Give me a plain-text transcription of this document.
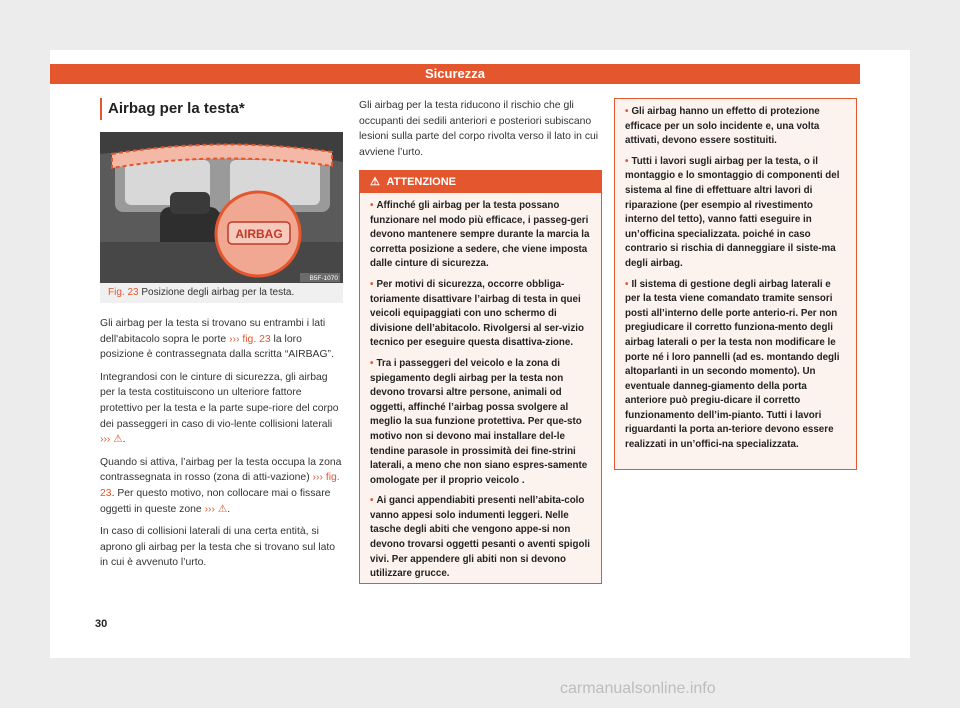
Sicurezza
Airbag per la testa*
AIRBAG
B5F-1070
Fig. 23 Posizione degli airbag per la testa.

Gli airbag per la testa si trovano su entrambi i lati dell'abitacolo sopra le porte ››› fig. 23 la loro posizione è contrassegnata dalla scritta “AIRBAG”.

Integrandosi con le cinture di sicurezza, gli airbag per la testa costituiscono un ulteriore fattore protettivo per la testa e la parte supe-riore del corpo dei passeggeri in caso di vio-lente collisioni laterali ››› ⚠.

Quando si attiva, l’airbag per la testa occupa la zona contrassegnata in rosso (zona di atti-vazione) ››› fig. 23. Per questo motivo, non collocare mai o fissare oggetti in queste zone ››› ⚠.

In caso di collisioni laterali di una certa entità, si aprono gli airbag per la testa che si trovano sul lato in cui è avvenuto l’urto.

Gli airbag per la testa riducono il rischio che gli occupanti dei sedili anteriori e posteriori subiscano lesioni sulla parte del corpo rivolta verso il lato in cui avviene l’urto.

⚠ ATTENZIONE
• Affinché gli airbag per la testa possano funzionare nel modo più efficace, i passeg-geri devono mantenere sempre durante la marcia la corretta posizione a sedere, che viene imposta dalle cinture di sicurezza.
• Per motivi di sicurezza, occorre obbliga-toriamente disattivare l’airbag di testa in quei veicoli equipaggiati con uno schermo di divisione dell’abitacolo. Rivolgersi al ser-vizio tecnico per eseguire questa disattiva-zione.
• Tra i passeggeri del veicolo e la zona di spiegamento degli airbag per la testa non devono trovarsi altre persone, animali od oggetti, affinché l’airbag possa svolgere al meglio la sua funzione protettiva. Per que-sto motivo non si devono mai installare del-le tendine parasole in prossimità dei fine-strini laterali, a meno che non siano espres-samente omologate per il proprio veicolo .
• Ai ganci appendiabiti presenti nell’abita-colo vanno appesi solo indumenti leggeri. Nelle tasche degli abiti che vengono appe-si non devono trovarsi oggetti pesanti o aventi spigoli vivi. Per appendere gli abiti non si devono utilizzare grucce.
• Gli airbag hanno un effetto di protezione efficace per un solo incidente e, una volta attivati, devono essere sostituiti.
• Tutti i lavori sugli airbag per la testa, o il montaggio e lo smontaggio di componenti del sistema al fine di effettuare altri lavori di riparazione (per esempio al rivestimento interno del tetto), vanno fatti eseguire in un’officina specializzata. poiché in caso contrario si rischia di danneggiare il siste-ma degli airbag.
• Il sistema di gestione degli airbag laterali e per la testa viene comandato tramite sensori posti all’interno delle porte anterio-ri. Per non pregiudicare il corretto funziona-mento degli airbag laterali o per la testa non modificare le porte né i loro pannelli (ad es. montando degli altoparlanti in un secondo momento). Un eventuale danneg-giamento della porta anteriore può pregiu-dicare il corretto funzionamento dell’im-pianto. Tutti i lavori riguardanti la porta an-teriore devono essere realizzati in un’offici-na specializzata.
30
carmanualsonline.info
